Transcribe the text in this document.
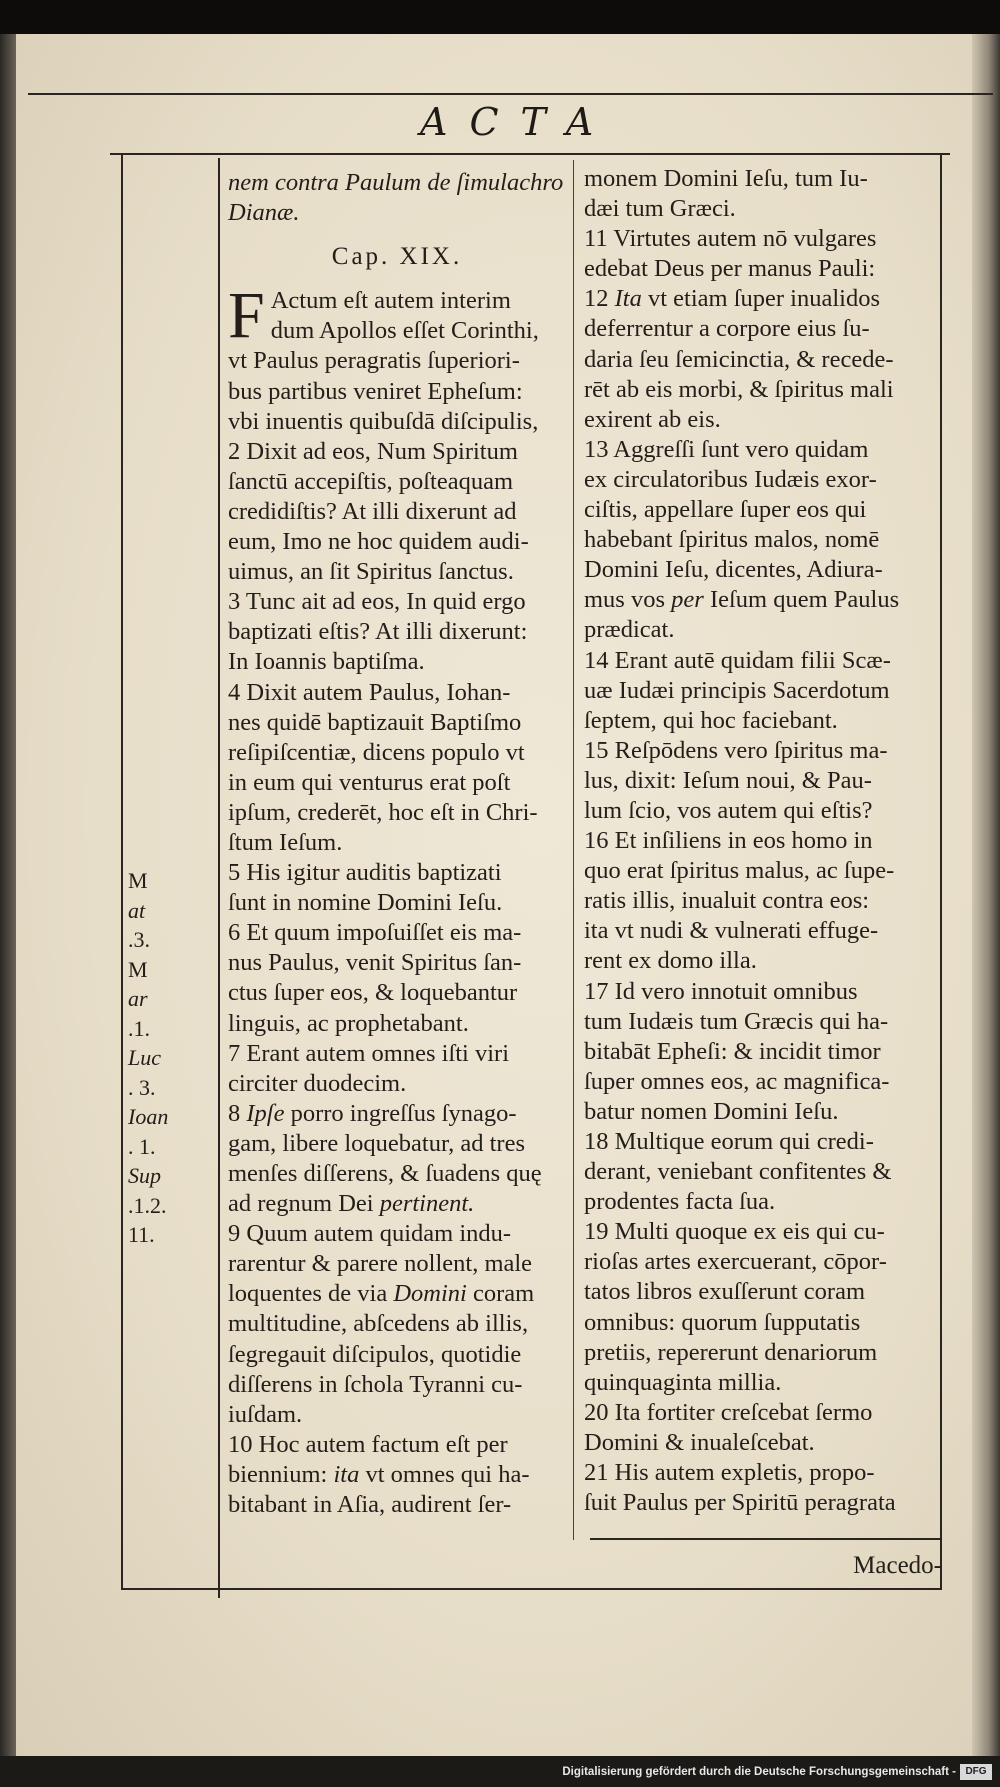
ACTA
nem contra Paulum de ſimulachro
Dianæ.
Cap. XIX.
F Actum eſt autem interim
dum Apollos eſſet Corinthi,
vt Paulus peragratis ſuperiori-
bus partibus veniret Epheſum:
vbi inuentis quibuſdā diſcipulis,
2 Dixit ad eos, Num Spiritum
ſanctū accepiſtis, poſteaquam
credidiſtis? At illi dixerunt ad
eum, Imo ne hoc quidem audi-
uimus, an ſit Spiritus ſanctus.
3 Tunc ait ad eos, In quid ergo
baptizati eſtis? At illi dixerunt:
In Ioannis baptiſma.
4 Dixit autem Paulus, Iohan-
nes quidē baptizauit Baptiſmo
reſipiſcentiæ, dicens populo vt
in eum qui venturus erat poſt
ipſum, crederēt, hoc eſt in Chri-
ſtum Ieſum.
5 His igitur auditis baptizati
ſunt in nomine Domini Ieſu.
6 Et quum impoſuiſſet eis ma-
nus Paulus, venit Spiritus ſan-
ctus ſuper eos, & loquebantur
linguis, ac prophetabant.
7 Erant autem omnes iſti viri
circiter duodecim.
8 Ipſe porro ingreſſus ſynago-
gam, libere loquebatur, ad tres
menſes diſſerens, & ſuadens quę
ad regnum Dei pertinent.
9 Quum autem quidam indu-
rarentur & parere nollent, male
loquentes de via Domini coram
multitudine, abſcedens ab illis,
ſegregauit diſcipulos, quotidie
diſſerens in ſchola Tyranni cu-
iuſdam.
10 Hoc autem factum eſt per
biennium: ita vt omnes qui ha-
bitabant in Aſia, audirent ſer-
monem Domini Ieſu, tum Iu-
dæi tum Græci.
11 Virtutes autem nō vulgares
edebat Deus per manus Pauli:
12 Ita vt etiam ſuper inualidos
deferrentur a corpore eius ſu-
daria ſeu ſemicinctia, & recede-
rēt ab eis morbi, & ſpiritus mali
exirent ab eis.
13 Aggreſſi ſunt vero quidam
ex circulatoribus Iudæis exor-
ciſtis, appellare ſuper eos qui
habebant ſpiritus malos, nomē
Domini Ieſu, dicentes, Adiura-
mus vos per Ieſum quem Paulus
prædicat.
14 Erant autē quidam filii Scæ-
uæ Iudæi principis Sacerdotum
ſeptem, qui hoc faciebant.
15 Reſpōdens vero ſpiritus ma-
lus, dixit: Ieſum noui, & Pau-
lum ſcio, vos autem qui eſtis?
16 Et inſiliens in eos homo in
quo erat ſpiritus malus, ac ſupe-
ratis illis, inualuit contra eos:
ita vt nudi & vulnerati effuge-
rent ex domo illa.
17 Id vero innotuit omnibus
tum Iudæis tum Græcis qui ha-
bitabāt Epheſi: & incidit timor
ſuper omnes eos, ac magnifica-
batur nomen Domini Ieſu.
18 Multique eorum qui credi-
derant, veniebant confitentes &
prodentes facta ſua.
19 Multi quoque ex eis qui cu-
rioſas artes exercuerant, cōpor-
tatos libros exuſſerunt coram
omnibus: quorum ſupputatis
pretiis, repererunt denariorum
quinquaginta millia.
20 Ita fortiter creſcebat ſermo
Domini & inualeſcebat.
21 His autem expletis, propo-
ſuit Paulus per Spiritū peragrata
M
at
.3.
M
ar
.1.
Luc
. 3.
Ioan
. 1.
Sup
.1.2.
11.
Macedo-
Digitalisierung gefördert durch die Deutsche Forschungsgemeinschaft - DFG
